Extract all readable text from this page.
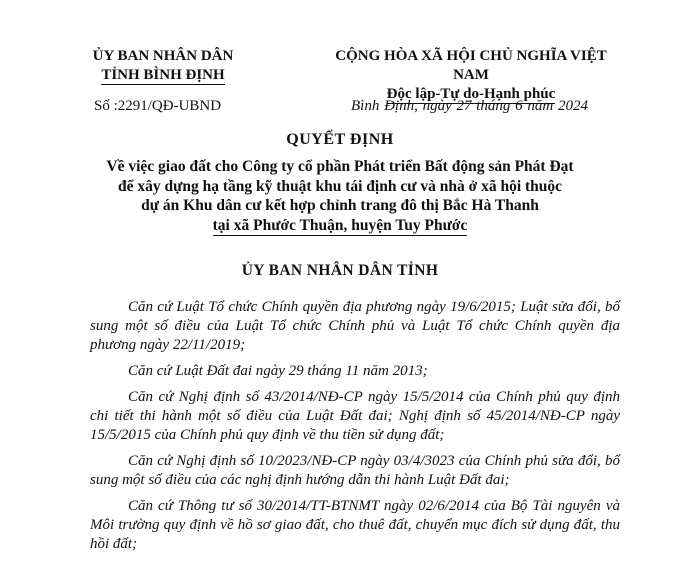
ỦY BAN NHÂN DÂN
TỈNH BÌNH ĐỊNH
CỘNG HÒA XÃ HỘI CHỦ NGHĨA VIỆT NAM
Độc lập-Tự do-Hạnh phúc
Số :2291/QĐ-UBND	Bình Định, ngày 27 tháng 6 năm 2024
QUYẾT ĐỊNH
Về việc giao đất cho Công ty cổ phần Phát triển Bất động sản Phát Đạt
để xây dựng hạ tầng kỹ thuật khu tái định cư và nhà ở xã hội thuộc
dự án Khu dân cư kết hợp chỉnh trang đô thị Bắc Hà Thanh
tại xã Phước Thuận, huyện Tuy Phước
ỦY BAN NHÂN DÂN TỈNH

Căn cứ Luật Tổ chức Chính quyền địa phương ngày 19/6/2015; Luật sửa đổi, bổ sung một số điều của Luật Tổ chức Chính phủ và Luật Tổ chức Chính quyền địa phương ngày 22/11/2019;

Căn cứ Luật Đất đai ngày 29 tháng 11 năm 2013;

Căn cứ Nghị định số 43/2014/NĐ-CP ngày 15/5/2014 của Chính phủ quy định chi tiết thi hành một số điều của Luật Đất đai; Nghị định số 45/2014/NĐ-CP ngày 15/5/2015 của Chính phủ quy định về thu tiền sử dụng đất;

Căn cứ Nghị định số 10/2023/NĐ-CP ngày 03/4/3023 của Chính phủ sửa đổi, bổ sung một số điều của các nghị định hướng dẫn thi hành Luật Đất đai;

Căn cứ Thông tư số 30/2014/TT-BTNMT ngày 02/6/2014 của Bộ Tài nguyên và Môi trường quy định về hồ sơ giao đất, cho thuê đất, chuyển mục đích sử dụng đất, thu hồi đất;
